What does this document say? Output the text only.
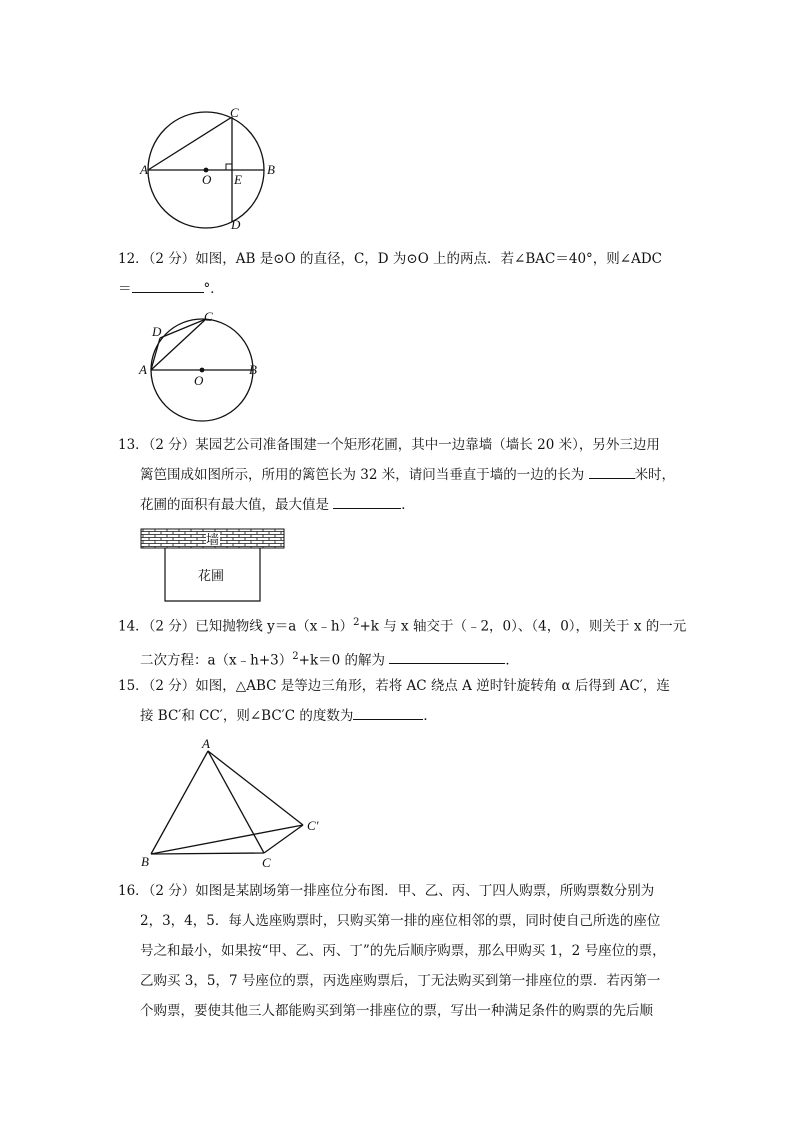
A	B
C
D
O E
12．（2 分）如图，AB 是⊙O 的直径，C，D 为⊙O 上的两点．若∠BAC＝40°，则∠ADC
＝	°．
A	B
C
D
O
13．（2 分）某园艺公司准备围建一个矩形花圃，其中一边靠墙（墙长 20 米），另外三边用
篱笆围成如图所示，所用的篱笆长为 32 米，请问当垂直于墙的一边的长为	米时，
花圃的面积有最大值，最大值是	．
墙
花圃
14．（2 分）已知抛物线 y＝a（x﹣h）$^2$+k 与 x 轴交于（﹣2，0）、（4，0），则关于 x 的一元
二次方程：a（x﹣h+3）$^2$+k＝0 的解为	．
15．（2 分）如图，△ABC 是等边三角形，若将 AC 绕点 A 逆时针旋转角 α 后得到 AC′，连
接 BC′和 CC′，则∠BC′C 的度数为	．
A
B	C
C′
16．（2 分）如图是某剧场第一排座位分布图．甲、乙、丙、丁四人购票，所购票数分别为
2，3，4，5．每人选座购票时，只购买第一排的座位相邻的票，同时使自己所选的座位
号之和最小，如果按“甲、乙、丙、丁”的先后顺序购票，那么甲购买 1，2 号座位的票，
乙购买 3，5，7 号座位的票，丙选座购票后，丁无法购买到第一排座位的票．若丙第一
个购票，要使其他三人都能购买到第一排座位的票，写出一种满足条件的购票的先后顺
